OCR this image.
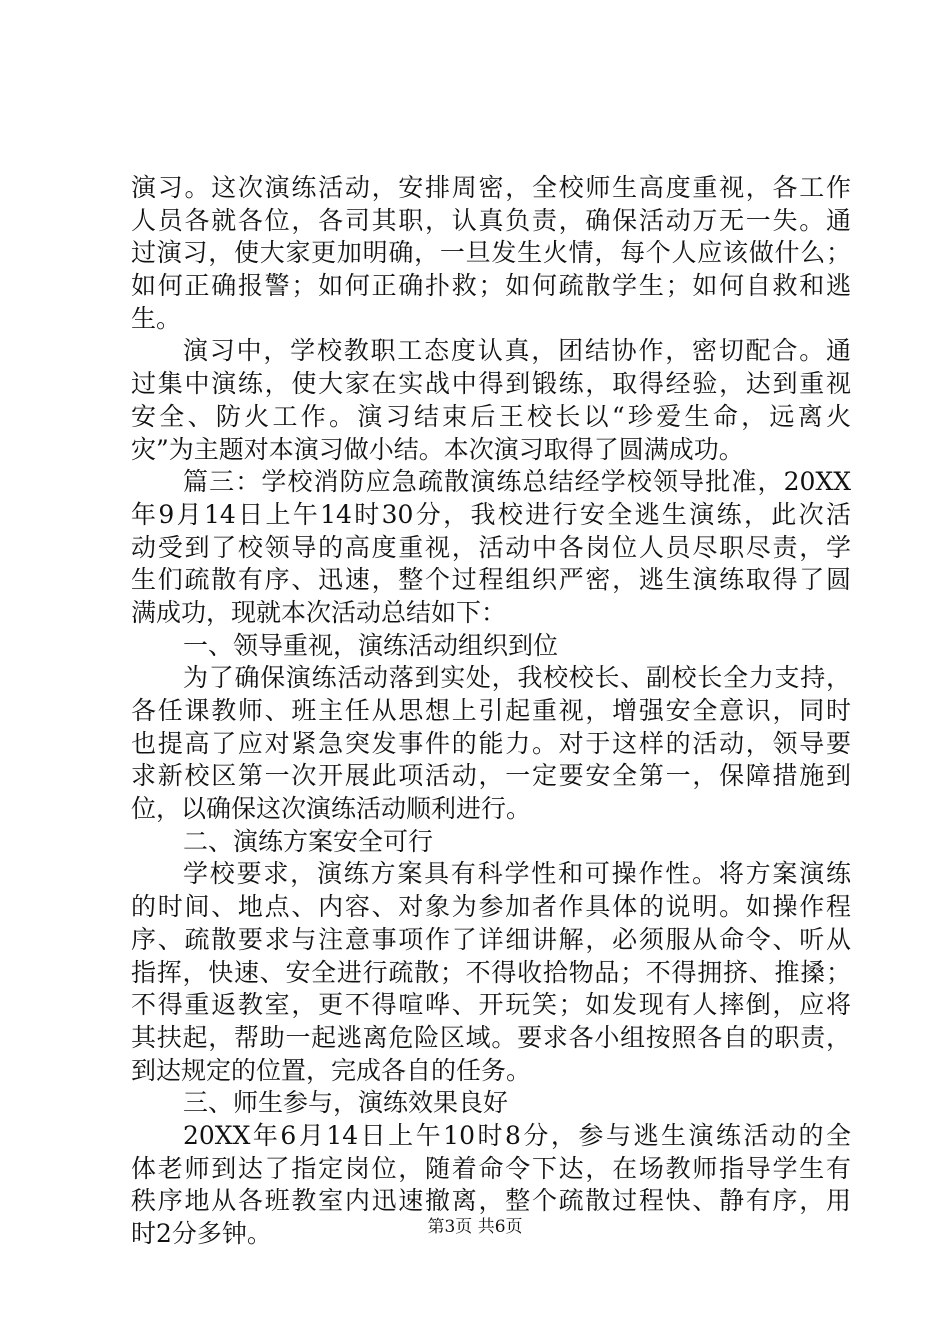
演习。这次演练活动，安排周密，全校师生高度重视，各工作
人员各就各位，各司其职，认真负责，确保活动万无一失。通
过演习，使大家更加明确，一旦发生火情，每个人应该做什么；
如何正确报警；如何正确扑救；如何疏散学生；如何自救和逃
生。
演习中，学校教职工态度认真，团结协作，密切配合。通
过集中演练，使大家在实战中得到锻练，取得经验，达到重视
安全、防火工作。演习结束后王校长以“珍爱生命，远离火
灾”为主题对本演习做小结。本次演习取得了圆满成功。
篇三：学校消防应急疏散演练总结经学校领导批准，20XX
年9月14日上午14时30分，我校进行安全逃生演练，此次活
动受到了校领导的高度重视，活动中各岗位人员尽职尽责，学
生们疏散有序、迅速，整个过程组织严密，逃生演练取得了圆
满成功，现就本次活动总结如下：
一、领导重视，演练活动组织到位
为了确保演练活动落到实处，我校校长、副校长全力支持，
各任课教师、班主任从思想上引起重视，增强安全意识，同时
也提高了应对紧急突发事件的能力。对于这样的活动，领导要
求新校区第一次开展此项活动，一定要安全第一，保障措施到
位，以确保这次演练活动顺利进行。
二、演练方案安全可行
学校要求，演练方案具有科学性和可操作性。将方案演练
的时间、地点、内容、对象为参加者作具体的说明。如操作程
序、疏散要求与注意事项作了详细讲解，必须服从命令、听从
指挥，快速、安全进行疏散；不得收拾物品；不得拥挤、推搡；
不得重返教室，更不得喧哗、开玩笑；如发现有人摔倒，应将
其扶起，帮助一起逃离危险区域。要求各小组按照各自的职责，
到达规定的位置，完成各自的任务。
三、师生参与，演练效果良好
20XX年6月14日上午10时8分，参与逃生演练活动的全
体老师到达了指定岗位，随着命令下达，在场教师指导学生有
秩序地从各班教室内迅速撤离，整个疏散过程快、静有序，用
时2分多钟。	第3页 共6页
